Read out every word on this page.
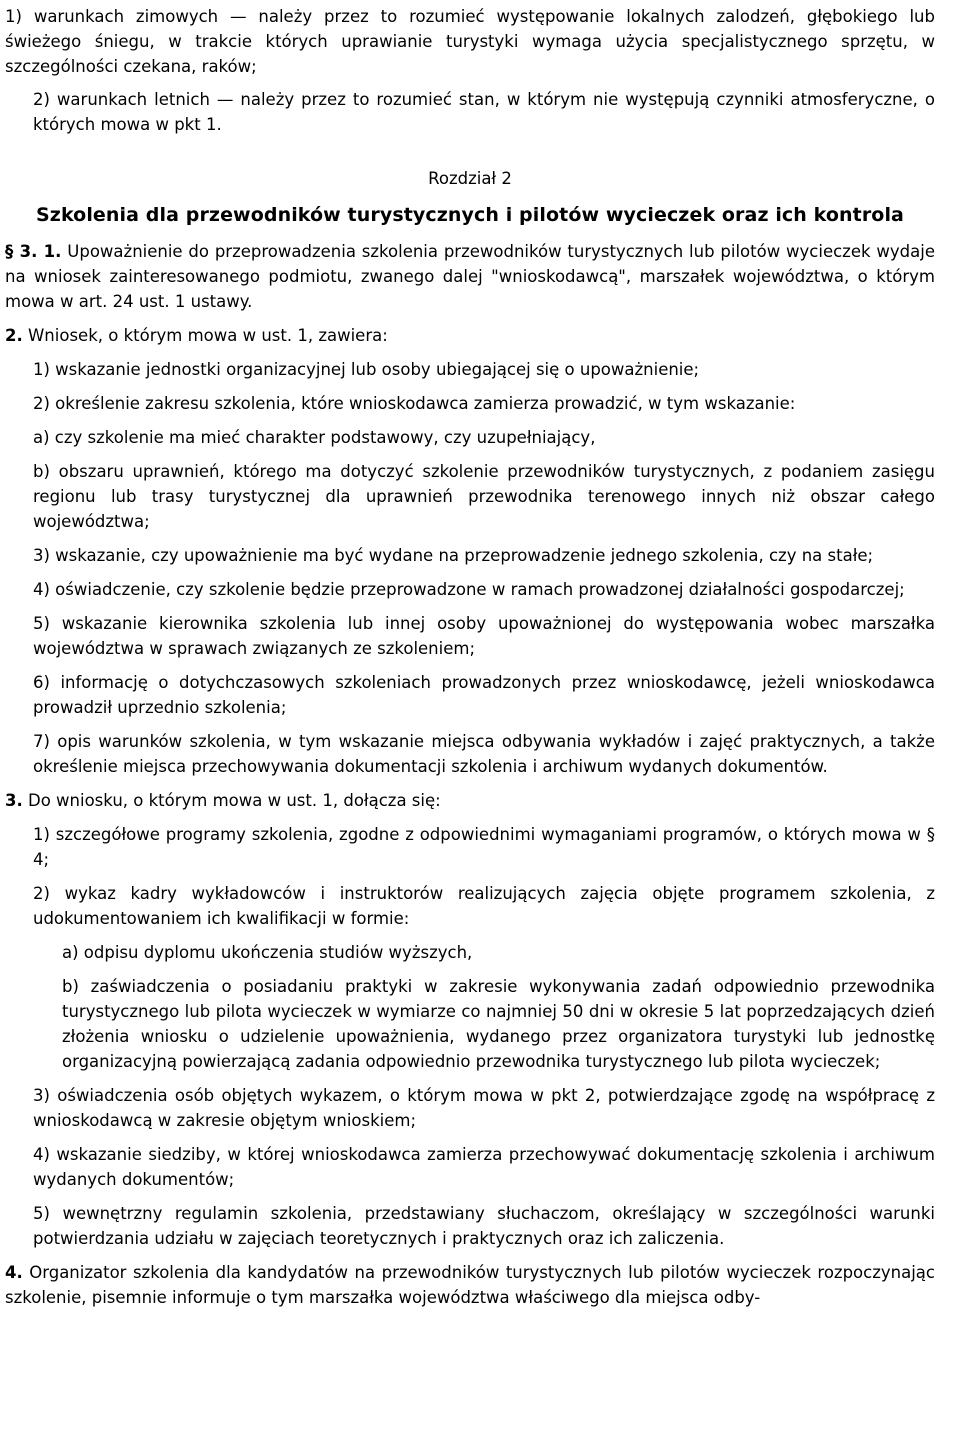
1) warunkach zimowych — należy przez to rozumieć występowanie lokalnych zalodzeń, głębokiego lub świeżego śniegu, w trakcie których uprawianie turystyki wymaga użycia specjalistycznego sprzętu, w szczególności czekana, raków;

2) warunkach letnich — należy przez to rozumieć stan, w którym nie występują czynniki atmosferyczne, o których mowa w pkt 1.

Rozdział 2

Szkolenia dla przewodników turystycznych i pilotów wycieczek oraz ich kontrola

§ 3. 1. Upoważnienie do przeprowadzenia szkolenia przewodników turystycznych lub pilotów wycieczek wydaje na wniosek zainteresowanego podmiotu, zwanego dalej "wnioskodawcą", marszałek województwa, o którym mowa w art. 24 ust. 1 ustawy.

2. Wniosek, o którym mowa w ust. 1, zawiera:

1) wskazanie jednostki organizacyjnej lub osoby ubiegającej się o upoważnienie;

2) określenie zakresu szkolenia, które wnioskodawca zamierza prowadzić, w tym wskazanie:

a) czy szkolenie ma mieć charakter podstawowy, czy uzupełniający,

b) obszaru uprawnień, którego ma dotyczyć szkolenie przewodników turystycznych, z podaniem zasięgu regionu lub trasy turystycznej dla uprawnień przewodnika terenowego innych niż obszar całego województwa;

3) wskazanie, czy upoważnienie ma być wydane na przeprowadzenie jednego szkolenia, czy na stałe;

4) oświadczenie, czy szkolenie będzie przeprowadzone w ramach prowadzonej działalności gospodarczej;

5) wskazanie kierownika szkolenia lub innej osoby upoważnionej do występowania wobec marszałka województwa w sprawach związanych ze szkoleniem;

6) informację o dotychczasowych szkoleniach prowadzonych przez wnioskodawcę, jeżeli wnioskodawca prowadził uprzednio szkolenia;

7) opis warunków szkolenia, w tym wskazanie miejsca odbywania wykładów i zajęć praktycznych, a także określenie miejsca przechowywania dokumentacji szkolenia i archiwum wydanych dokumentów.

3. Do wniosku, o którym mowa w ust. 1, dołącza się:

1) szczegółowe programy szkolenia, zgodne z odpowiednimi wymaganiami programów, o których mowa w § 4;

2) wykaz kadry wykładowców i instruktorów realizujących zajęcia objęte programem szkolenia, z udokumentowaniem ich kwalifikacji w formie:

a) odpisu dyplomu ukończenia studiów wyższych,

b) zaświadczenia o posiadaniu praktyki w zakresie wykonywania zadań odpowiednio przewodnika turystycznego lub pilota wycieczek w wymiarze co najmniej 50 dni w okresie 5 lat poprzedzających dzień złożenia wniosku o udzielenie upoważnienia, wydanego przez organizatora turystyki lub jednostkę organizacyjną powierzającą zadania odpowiednio przewodnika turystycznego lub pilota wycieczek;

3) oświadczenia osób objętych wykazem, o którym mowa w pkt 2, potwierdzające zgodę na współpracę z wnioskodawcą w zakresie objętym wnioskiem;

4) wskazanie siedziby, w której wnioskodawca zamierza przechowywać dokumentację szkolenia i archiwum wydanych dokumentów;

5) wewnętrzny regulamin szkolenia, przedstawiany słuchaczom, określający w szczególności warunki potwierdzania udziału w zajęciach teoretycznych i praktycznych oraz ich zaliczenia.

4. Organizator szkolenia dla kandydatów na przewodników turystycznych lub pilotów wycieczek rozpoczynając szkolenie, pisemnie informuje o tym marszałka województwa właściwego dla miejsca odby-
